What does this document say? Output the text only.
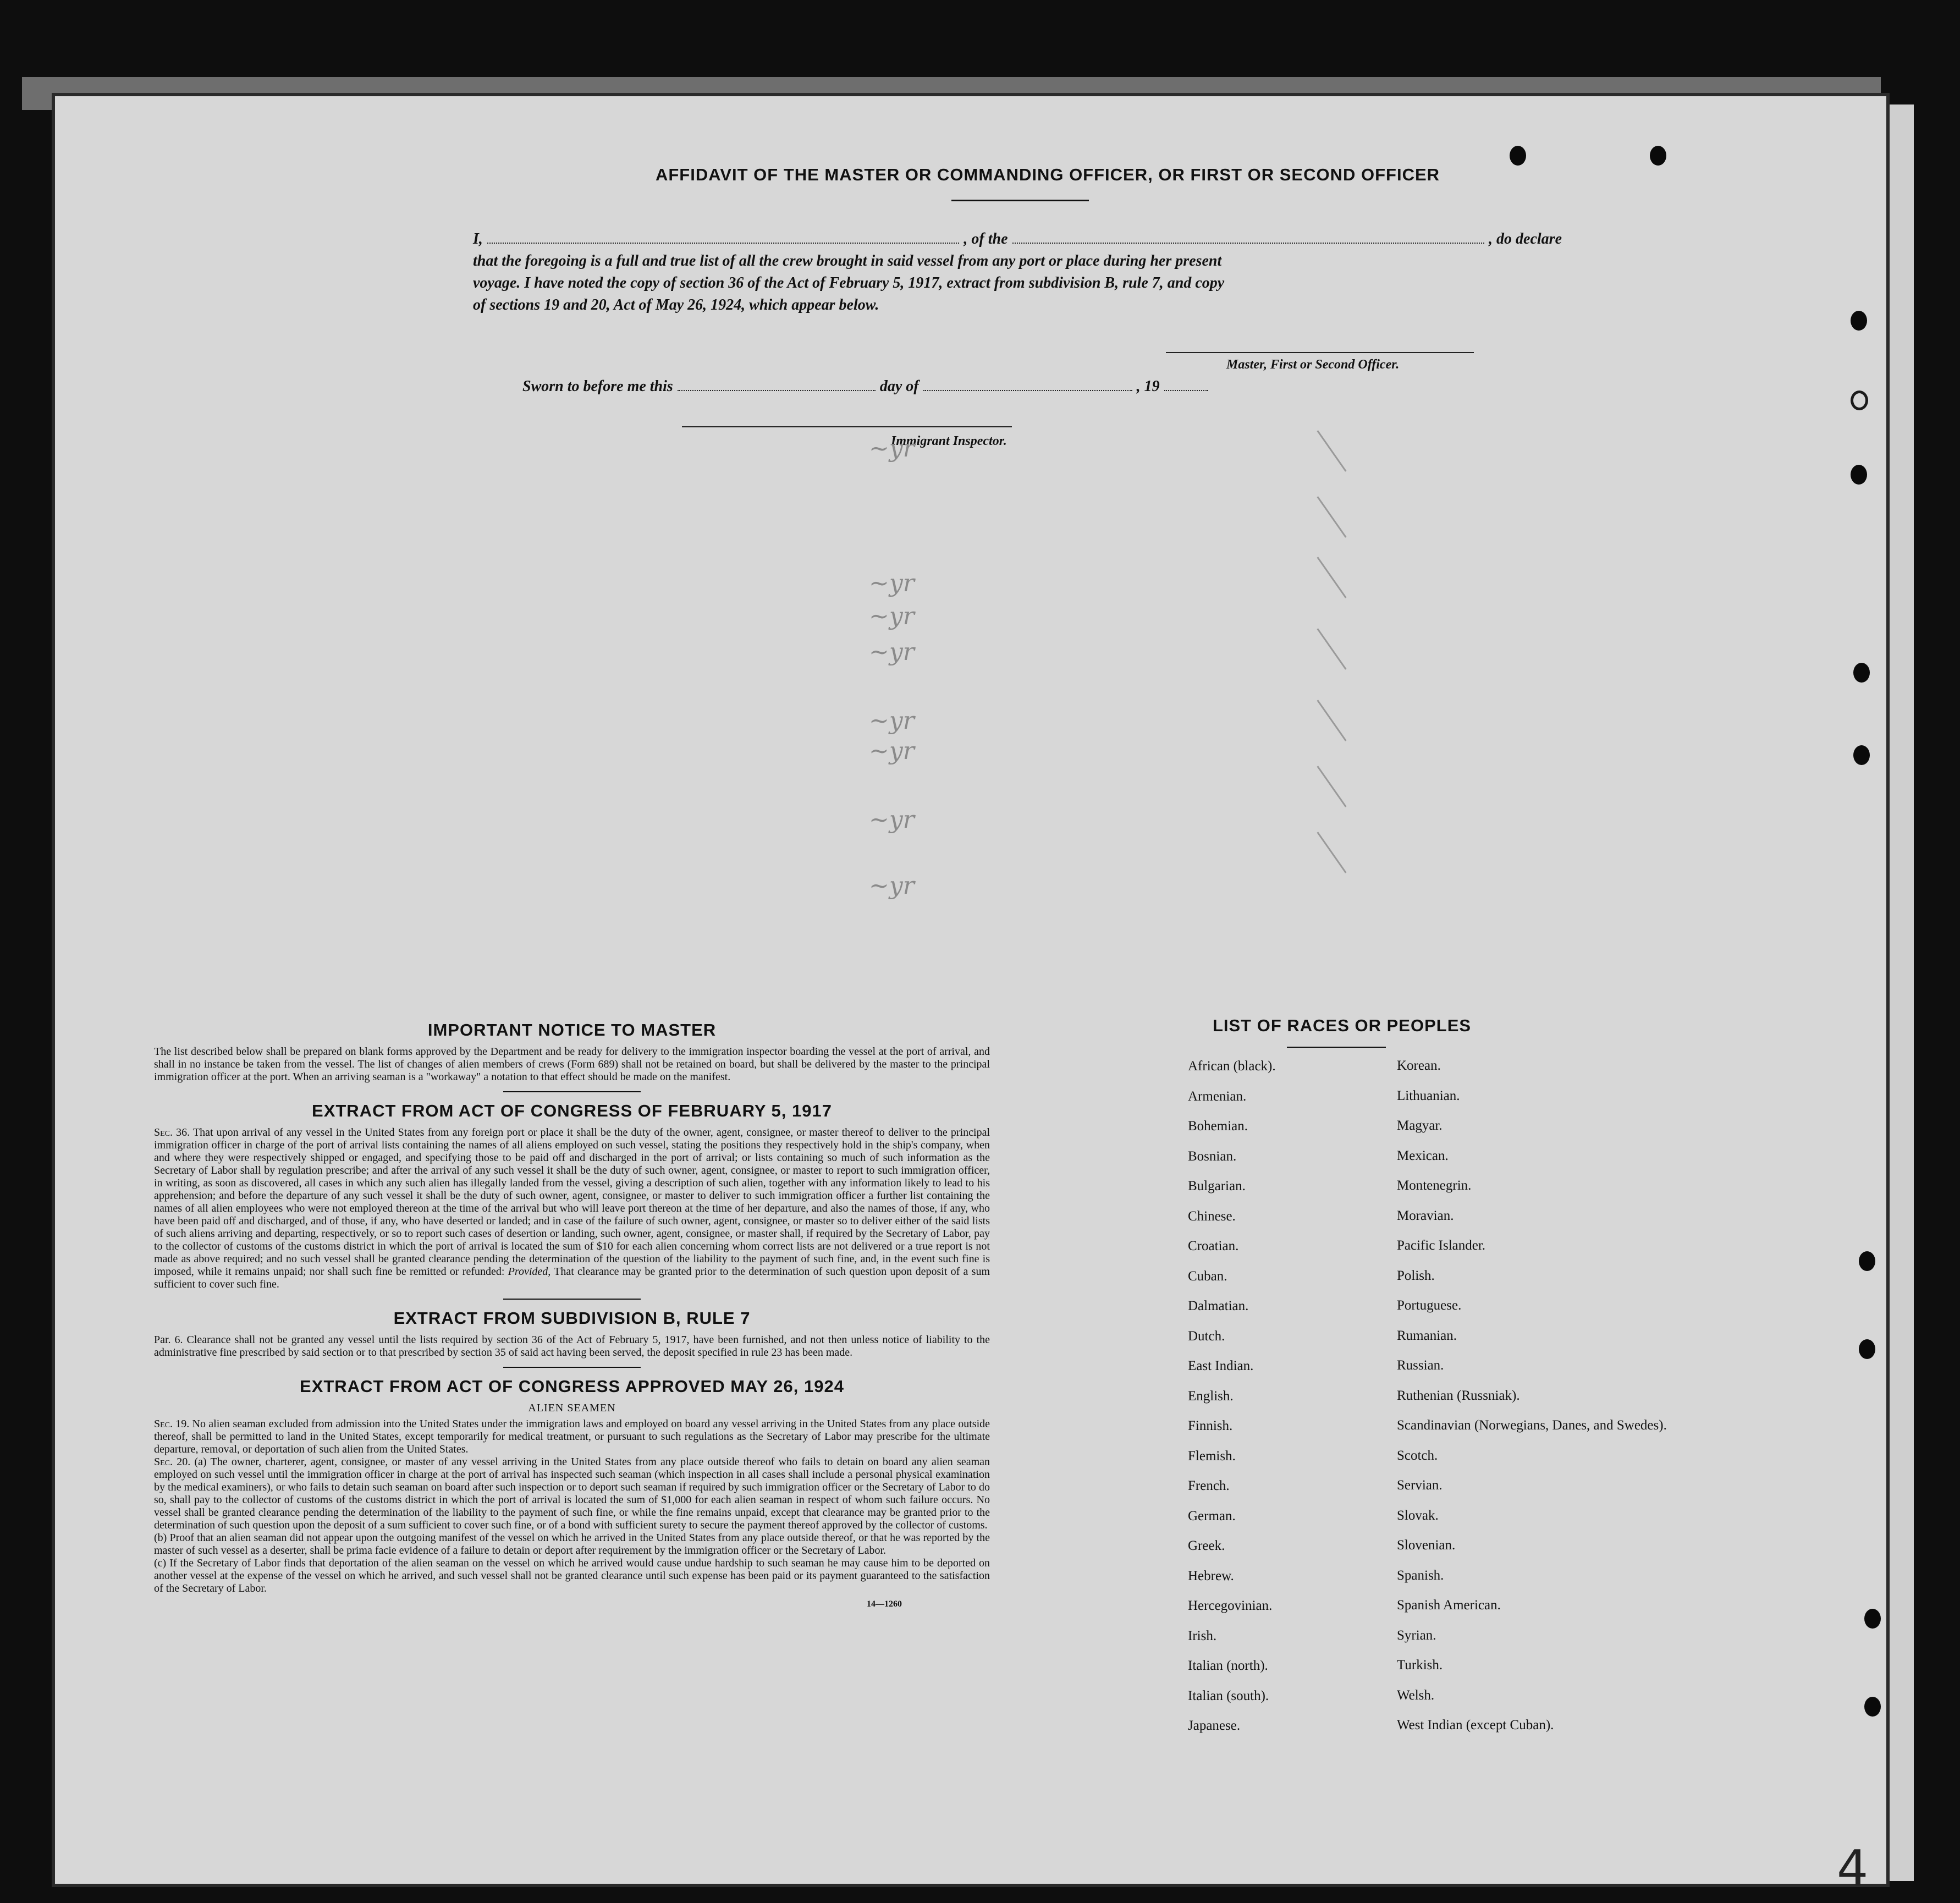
AFFIDAVIT OF THE MASTER OR COMMANDING OFFICER, OR FIRST OR SECOND OFFICER
I,	, of the	, do declare
that the foregoing is a full and true list of all the crew brought in said vessel from any port or place during her present
voyage. I have noted the copy of section 36 of the Act of February 5, 1917, extract from subdivision B, rule 7, and copy
of sections 19 and 20, Act of May 26, 1924, which appear below.
Master, First or Second Officer.
Sworn to before me this	day of	, 19
Immigrant Inspector.
~yr
~yr
~yr
~yr
~yr
~yr
~yr
~yr
IMPORTANT NOTICE TO MASTER

The list described below shall be prepared on blank forms approved by the Department and be ready for delivery to the immigration inspector boarding the vessel at the port of arrival, and shall in no instance be taken from the vessel. The list of changes of alien members of crews (Form 689) shall not be retained on board, but shall be delivered by the master to the principal immigration officer at the port. When an arriving seaman is a "workaway" a notation to that effect should be made on the manifest.

EXTRACT FROM ACT OF CONGRESS OF FEBRUARY 5, 1917

Sec. 36. That upon arrival of any vessel in the United States from any foreign port or place it shall be the duty of the owner, agent, consignee, or master thereof to deliver to the principal immigration officer in charge of the port of arrival lists containing the names of all aliens employed on such vessel, stating the positions they respectively hold in the ship's company, when and where they were respectively shipped or engaged, and specifying those to be paid off and discharged in the port of arrival; or lists containing so much of such information as the Secretary of Labor shall by regulation prescribe; and after the arrival of any such vessel it shall be the duty of such owner, agent, consignee, or master to report to such immigration officer, in writing, as soon as discovered, all cases in which any such alien has illegally landed from the vessel, giving a description of such alien, together with any information likely to lead to his apprehension; and before the departure of any such vessel it shall be the duty of such owner, agent, consignee, or master to deliver to such immigration officer a further list containing the names of all alien employees who were not employed thereon at the time of the arrival but who will leave port thereon at the time of her departure, and also the names of those, if any, who have been paid off and discharged, and of those, if any, who have deserted or landed; and in case of the failure of such owner, agent, consignee, or master so to deliver either of the said lists of such aliens arriving and departing, respectively, or so to report such cases of desertion or landing, such owner, agent, consignee, or master shall, if required by the Secretary of Labor, pay to the collector of customs of the customs district in which the port of arrival is located the sum of $10 for each alien concerning whom correct lists are not delivered or a true report is not made as above required; and no such vessel shall be granted clearance pending the determination of the question of the liability to the payment of such fine, and, in the event such fine is imposed, while it remains unpaid; nor shall such fine be remitted or refunded: Provided, That clearance may be granted prior to the determination of such question upon deposit of a sum sufficient to cover such fine.

EXTRACT FROM SUBDIVISION B, RULE 7

Par. 6. Clearance shall not be granted any vessel until the lists required by section 36 of the Act of February 5, 1917, have been furnished, and not then unless notice of liability to the administrative fine prescribed by said section or to that prescribed by section 35 of said act having been served, the deposit specified in rule 23 has been made.

EXTRACT FROM ACT OF CONGRESS APPROVED MAY 26, 1924
ALIEN SEAMEN

Sec. 19. No alien seaman excluded from admission into the United States under the immigration laws and employed on board any vessel arriving in the United States from any place outside thereof, shall be permitted to land in the United States, except temporarily for medical treatment, or pursuant to such regulations as the Secretary of Labor may prescribe for the ultimate departure, removal, or deportation of such alien from the United States.

Sec. 20. (a) The owner, charterer, agent, consignee, or master of any vessel arriving in the United States from any place outside thereof who fails to detain on board any alien seaman employed on such vessel until the immigration officer in charge at the port of arrival has inspected such seaman (which inspection in all cases shall include a personal physical examination by the medical examiners), or who fails to detain such seaman on board after such inspection or to deport such seaman if required by such immigration officer or the Secretary of Labor to do so, shall pay to the collector of customs of the customs district in which the port of arrival is located the sum of $1,000 for each alien seaman in respect of whom such failure occurs. No vessel shall be granted clearance pending the determination of the liability to the payment of such fine, or while the fine remains unpaid, except that clearance may be granted prior to the determination of such question upon the deposit of a sum sufficient to cover such fine, or of a bond with sufficient surety to secure the payment thereof approved by the collector of customs.

(b) Proof that an alien seaman did not appear upon the outgoing manifest of the vessel on which he arrived in the United States from any place outside thereof, or that he was reported by the master of such vessel as a deserter, shall be prima facie evidence of a failure to detain or deport after requirement by the immigration officer or the Secretary of Labor.

(c) If the Secretary of Labor finds that deportation of the alien seaman on the vessel on which he arrived would cause undue hardship to such seaman he may cause him to be deported on another vessel at the expense of the vessel on which he arrived, and such vessel shall not be granted clearance until such expense has been paid or its payment guaranteed to the satisfaction of the Secretary of Labor.

14—1260
LIST OF RACES OR PEOPLES
African (black).	Korean.
Armenian.	Lithuanian.
Bohemian.	Magyar.
Bosnian.	Mexican.
Bulgarian.	Montenegrin.
Chinese.	Moravian.
Croatian.	Pacific Islander.
Cuban.	Polish.
Dalmatian.	Portuguese.
Dutch.	Rumanian.
East Indian.	Russian.
English.	Ruthenian (Russniak).
Finnish.	Scandinavian (Norwegians, Danes, and Swedes).
Flemish.	Scotch.
French.	Servian.
German.	Slovak.
Greek.	Slovenian.
Hebrew.	Spanish.
Hercegovinian.	Spanish American.
Irish.	Syrian.
Italian (north).	Turkish.
Italian (south).	Welsh.
Japanese.	West Indian (except Cuban).
4
